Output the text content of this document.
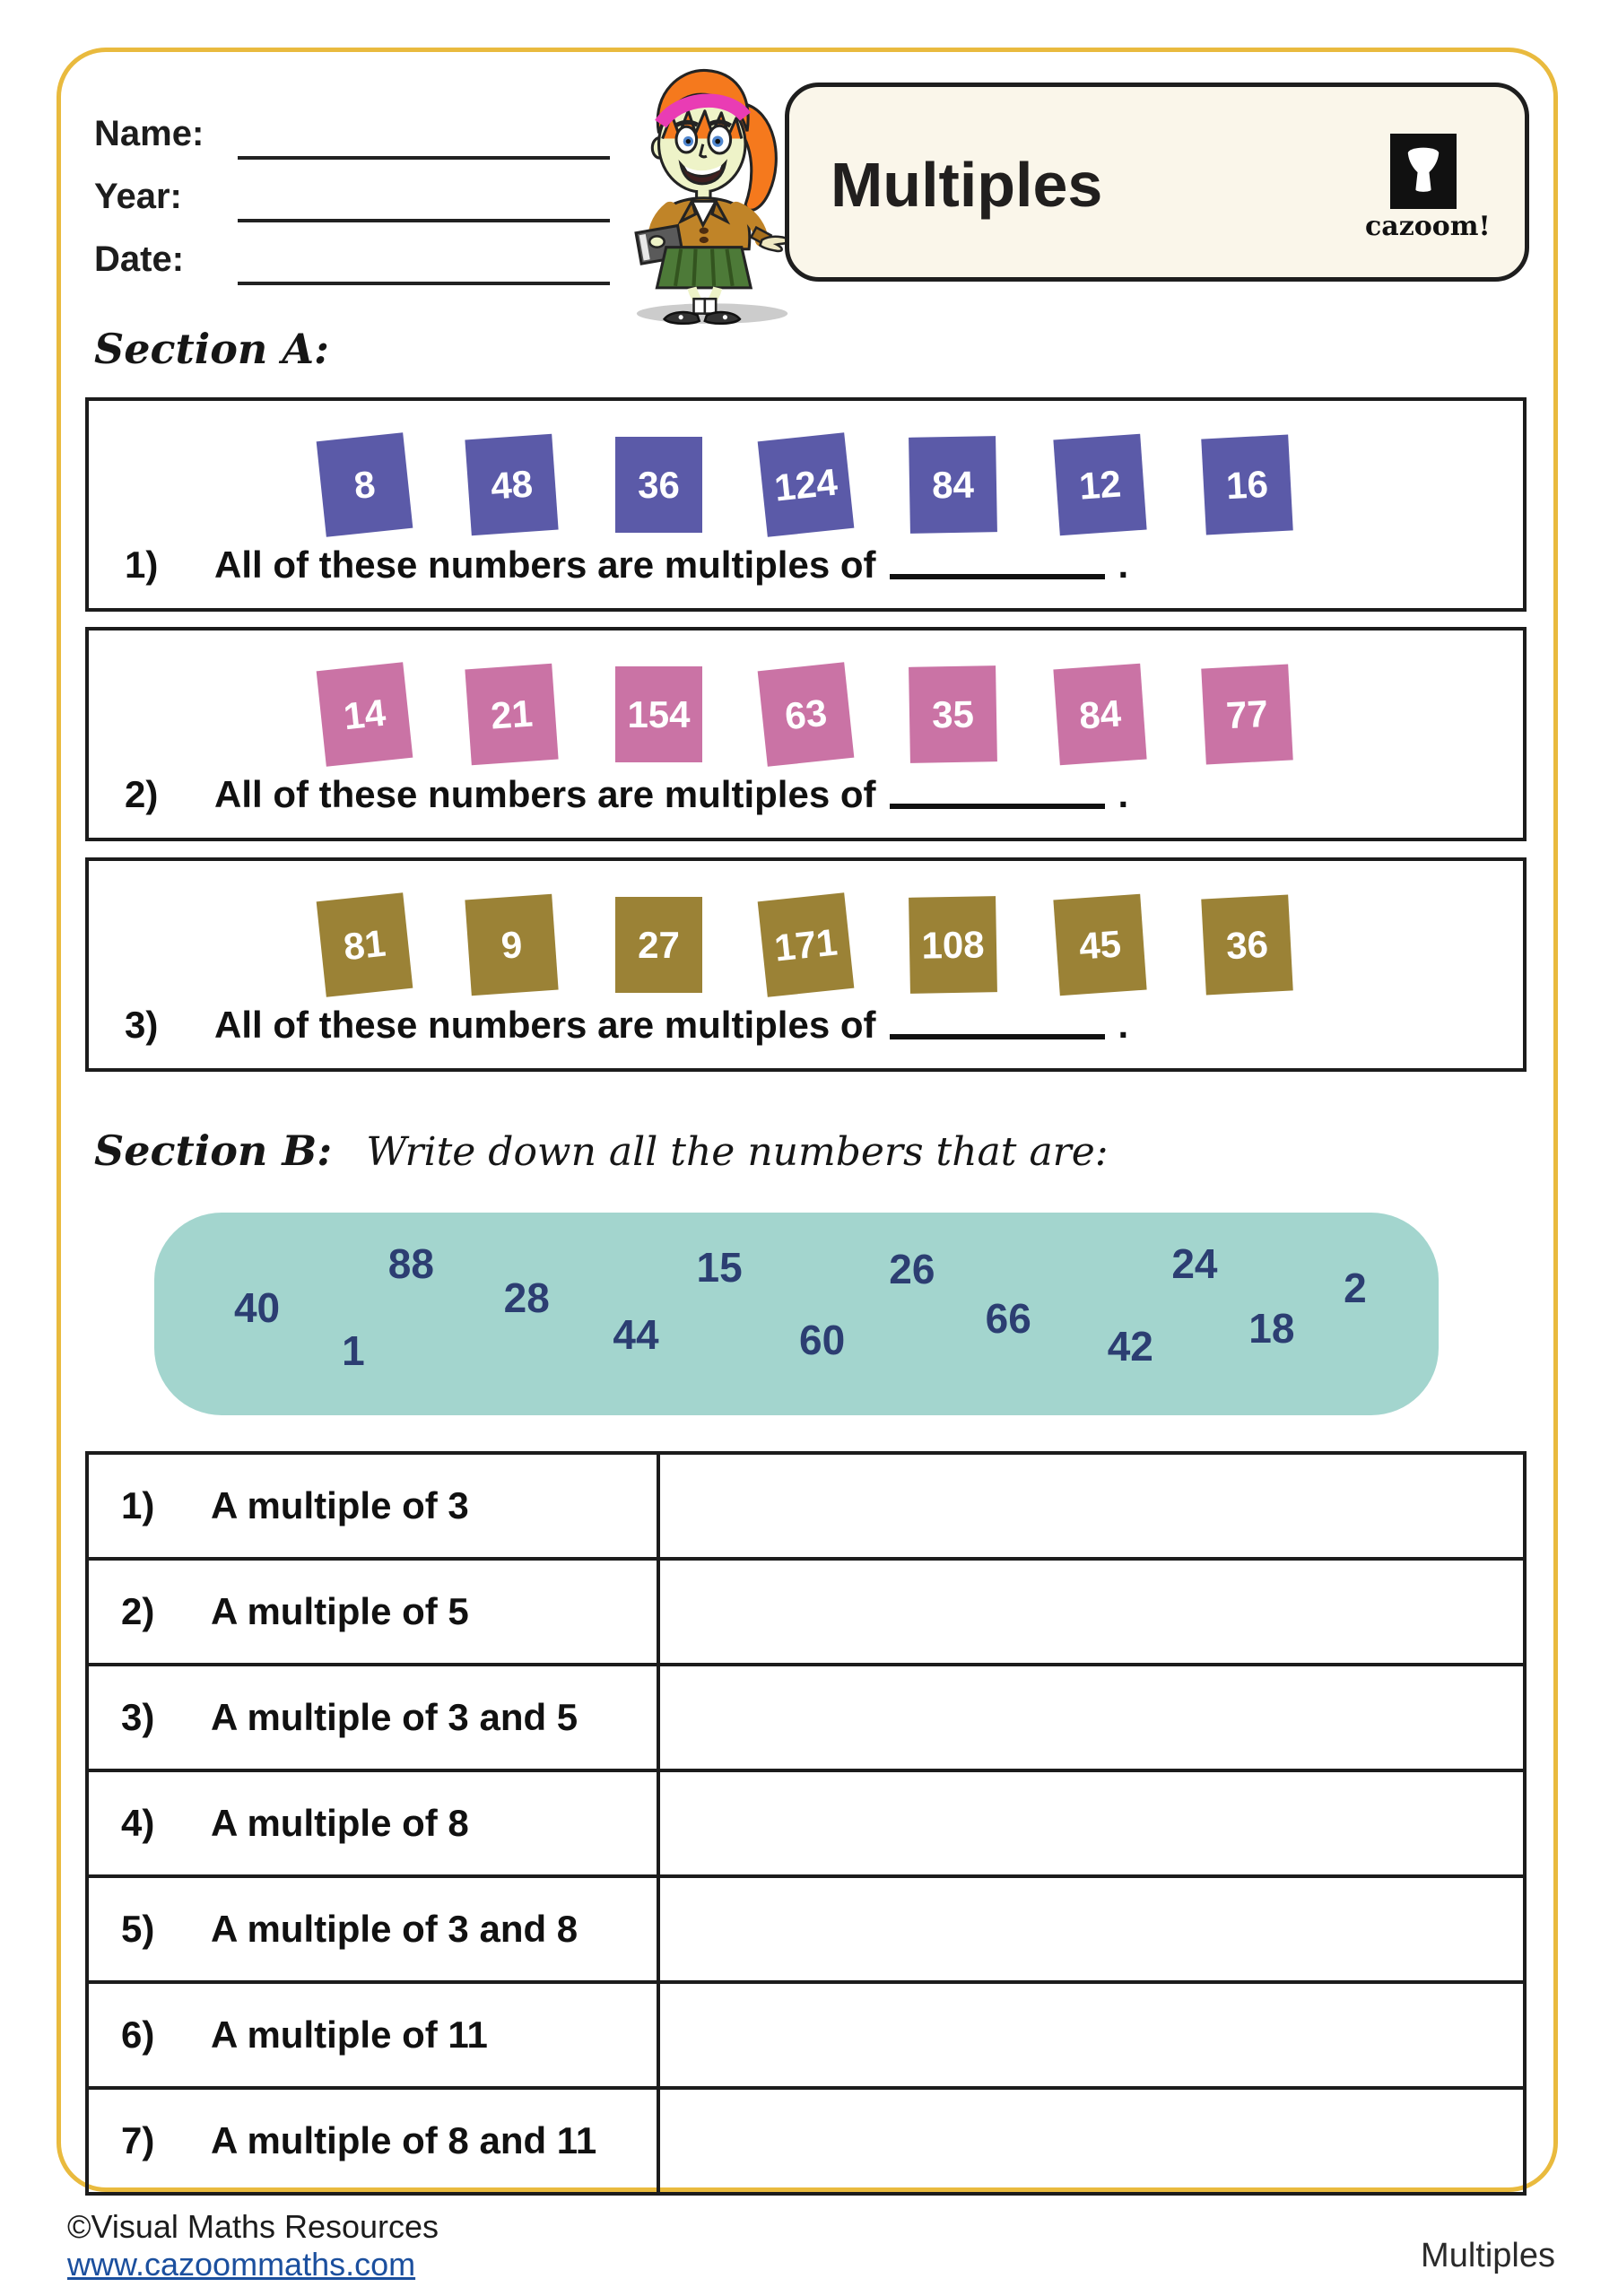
Name:
Year:
Date:
Multiples
cazoom!
Section A:
8	48	36	124	84	12	16
1)	All of these numbers are multiples of	.
14	21	154	63	35	84	77
2)	All of these numbers are multiples of	.
81	9	27	171	108	45	36
3)	All of these numbers are multiples of	.
Section B: Write down all the numbers that are:
40
1
88
28
44
15
60
26
66
42
24
18
2
1) A multiple of 3	
2) A multiple of 5	
3) A multiple of 3 and 5	
4) A multiple of 8	
5) A multiple of 3 and 8	
6) A multiple of 11	
7) A multiple of 8 and 11	
©Visual Maths Resources
www.cazoommaths.com	Multiples
